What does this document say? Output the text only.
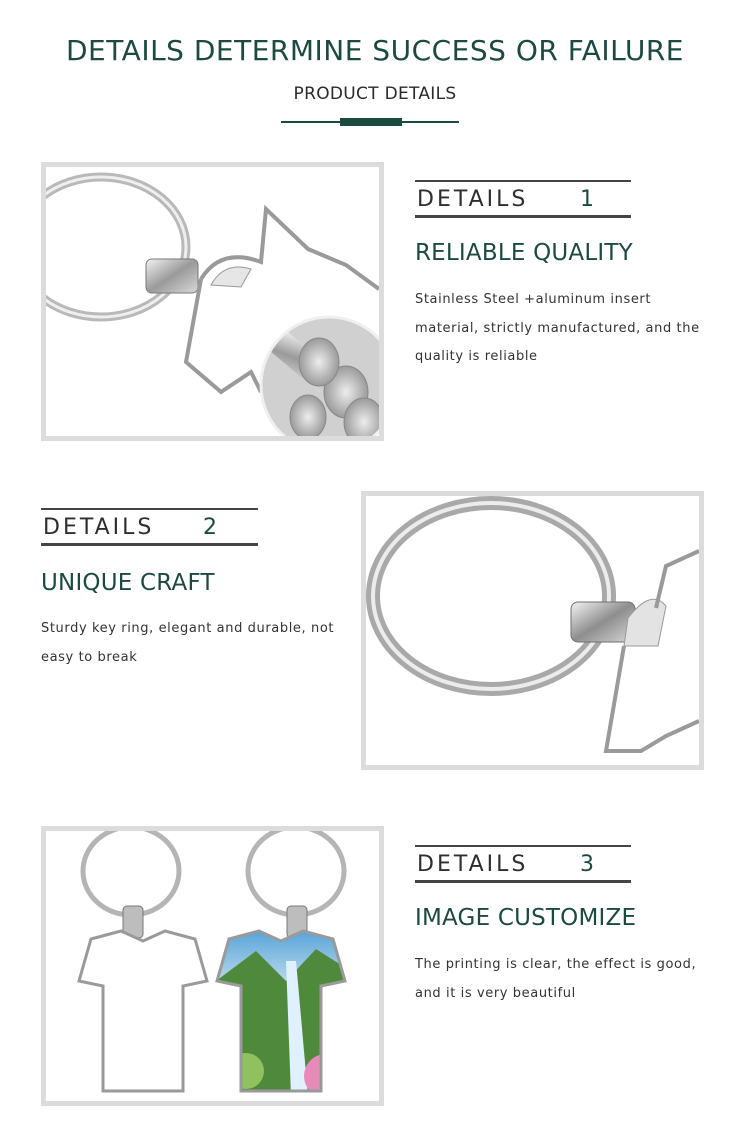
DETAILS DETERMINE SUCCESS OR FAILURE
PRODUCT DETAILS
DETAILS 1
RELIABLE QUALITY
Stainless Steel +aluminum insert material, strictly manufactured, and the quality is reliable
DETAILS 2
UNIQUE CRAFT
Sturdy key ring, elegant and durable, not easy to break
DETAILS 3
IMAGE CUSTOMIZE
The printing is clear, the effect is good, and it is very beautiful
